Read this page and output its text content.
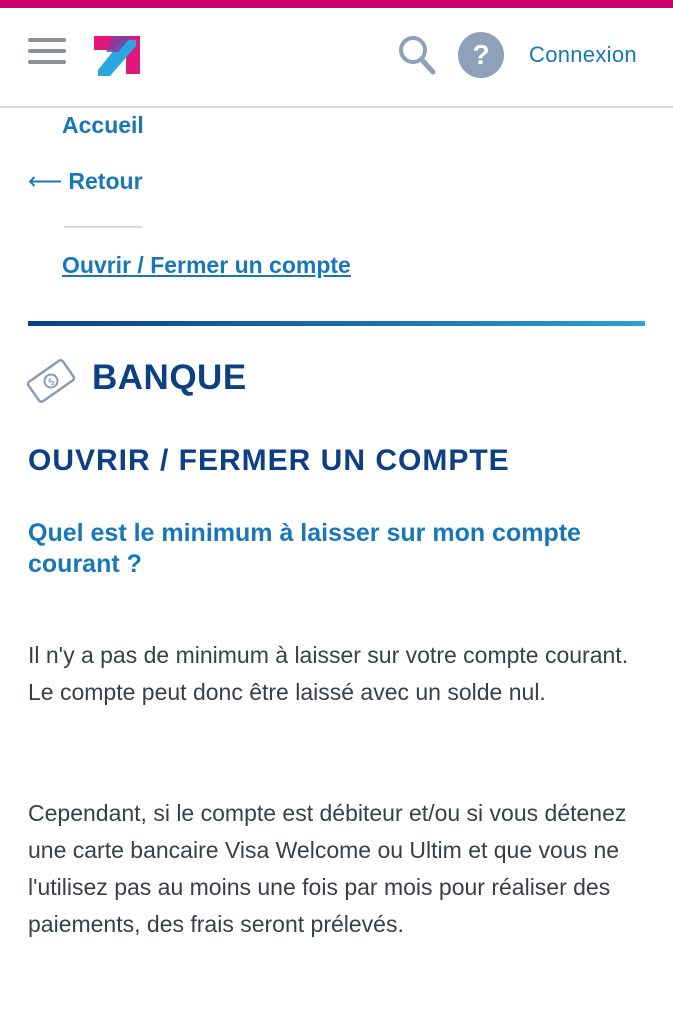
? Connexion
Accueil
⟵ Retour
Ouvrir / Fermer un compte
$ BANQUE
OUVRIR / FERMER UN COMPTE
Quel est le minimum à laisser sur mon compte courant ?
Il n'y a pas de minimum à laisser sur votre compte courant. Le compte peut donc être laissé avec un solde nul.
Cependant, si le compte est débiteur et/ou si vous détenez une carte bancaire Visa Welcome ou Ultim et que vous ne l'utilisez pas au moins une fois par mois pour réaliser des paiements, des frais seront prélevés.
